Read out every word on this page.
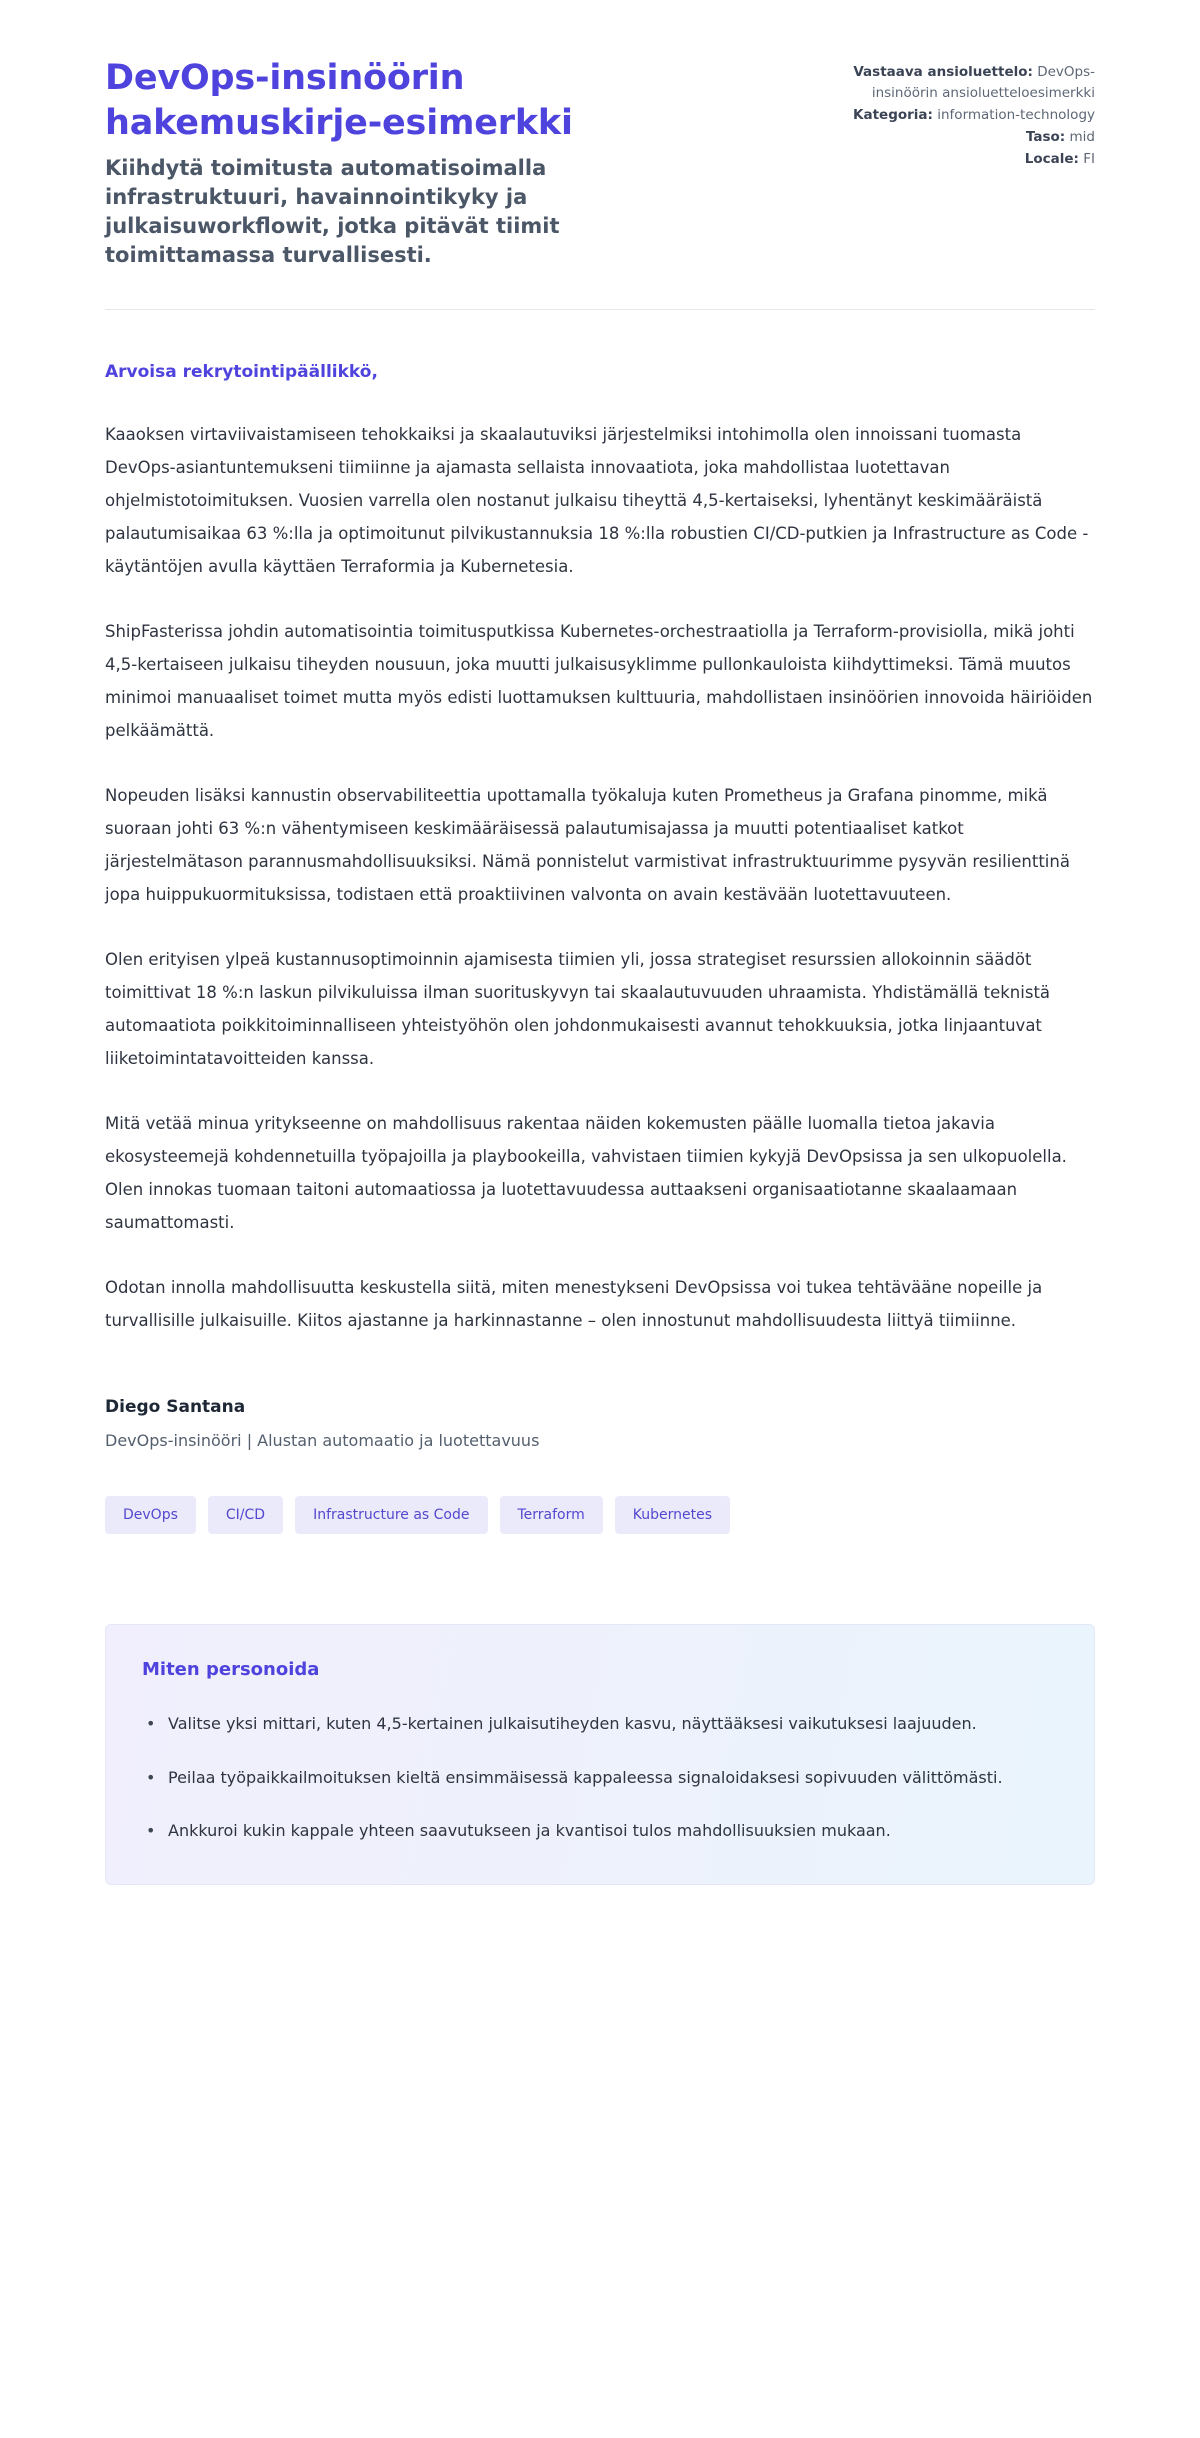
DevOps-insinöörin hakemuskirje-esimerkki

Kiihdytä toimitusta automatisoimalla infrastruktuuri, havainnointikyky ja julkaisuworkflowit, jotka pitävät tiimit toimittamassa turvallisesti.

Vastaava ansioluettelo: DevOps-insinöörin ansioluetteloesimerkki
Kategoria: information-technology
Taso: mid
Locale: FI

Arvoisa rekrytointipäällikkö,

Kaaoksen virtaviivaistamiseen tehokkaiksi ja skaalautuviksi järjestelmiksi intohimolla olen innoissani tuomasta DevOps-asiantuntemukseni tiimiinne ja ajamasta sellaista innovaatiota, joka mahdollistaa luotettavan ohjelmistotoimituksen. Vuosien varrella olen nostanut julkaisu tiheyttä 4,5-kertaiseksi, lyhentänyt keskimääräistä palautumisaikaa 63 %:lla ja optimoitunut pilvikustannuksia 18 %:lla robustien CI/CD-putkien ja Infrastructure as Code -käytäntöjen avulla käyttäen Terraformia ja Kubernetesia.

ShipFasterissa johdin automatisointia toimitusputkissa Kubernetes-orchestraatiolla ja Terraform-provisiolla, mikä johti 4,5-kertaiseen julkaisu tiheyden nousuun, joka muutti julkaisusyklimme pullonkauloista kiihdyttimeksi. Tämä muutos minimoi manuaaliset toimet mutta myös edisti luottamuksen kulttuuria, mahdollistaen insinöörien innovoida häiriöiden pelkäämättä.

Nopeuden lisäksi kannustin observabiliteettia upottamalla työkaluja kuten Prometheus ja Grafana pinomme, mikä suoraan johti 63 %:n vähentymiseen keskimääräisessä palautumisajassa ja muutti potentiaaliset katkot järjestelmätason parannusmahdollisuuksiksi. Nämä ponnistelut varmistivat infrastruktuurimme pysyvän resilienttinä jopa huippukuormituksissa, todistaen että proaktiivinen valvonta on avain kestävään luotettavuuteen.

Olen erityisen ylpeä kustannusoptimoinnin ajamisesta tiimien yli, jossa strategiset resurssien allokoinnin säädöt toimittivat 18 %:n laskun pilvikuluissa ilman suorituskyvyn tai skaalautuvuuden uhraamista. Yhdistämällä teknistä automaatiota poikkitoiminnalliseen yhteistyöhön olen johdonmukaisesti avannut tehokkuuksia, jotka linjaantuvat liiketoimintatavoitteiden kanssa.

Mitä vetää minua yritykseenne on mahdollisuus rakentaa näiden kokemusten päälle luomalla tietoa jakavia ekosysteemejä kohdennetuilla työpajoilla ja playbookeilla, vahvistaen tiimien kykyjä DevOpsissa ja sen ulkopuolella. Olen innokas tuomaan taitoni automaatiossa ja luotettavuudessa auttaakseni organisaatiotanne skaalaamaan saumattomasti.

Odotan innolla mahdollisuutta keskustella siitä, miten menestykseni DevOpsissa voi tukea tehtävääne nopeille ja turvallisille julkaisuille. Kiitos ajastanne ja harkinnastanne – olen innostunut mahdollisuudesta liittyä tiimiinne.

Diego Santana
DevOps-insinööri | Alustan automaatio ja luotettavuus
DevOps	CI/CD	Infrastructure as Code	Terraform	Kubernetes
Miten personoida
• Valitse yksi mittari, kuten 4,5-kertainen julkaisutiheyden kasvu, näyttääksesi vaikutuksesi laajuuden.
• Peilaa työpaikkailmoituksen kieltä ensimmäisessä kappaleessa signaloidaksesi sopivuuden välittömästi.
• Ankkuroi kukin kappale yhteen saavutukseen ja kvantisoi tulos mahdollisuuksien mukaan.
